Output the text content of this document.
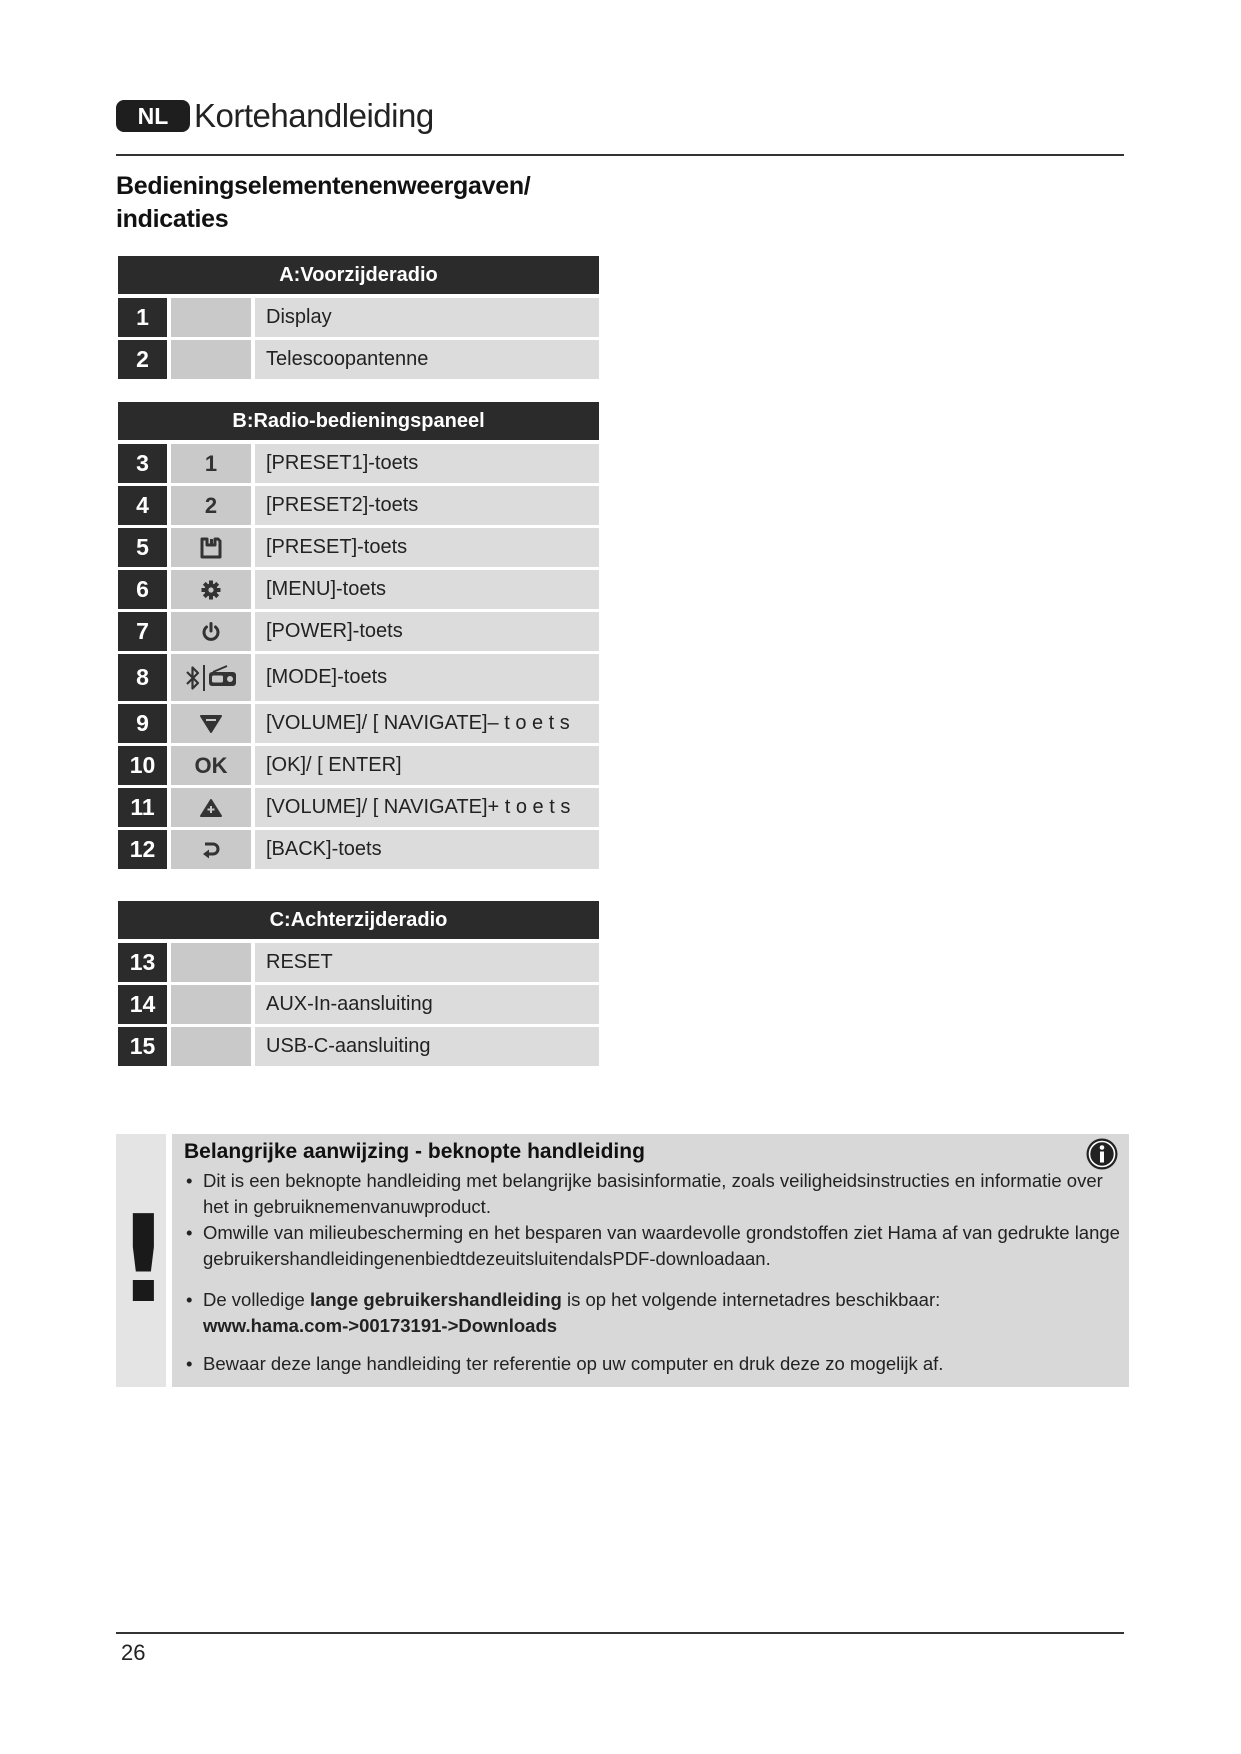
NL Kortehandleiding
Bedieningselementenenweergaven/ indicaties
A:Voorzijderadio
1	Display
2	Telescoopantenne
B:Radio-bedieningspaneel
3	1	[PRESET1]-toets
4	2	[PRESET2]-toets
5	[PRESET]-toets
6	[MENU]-toets
7	[POWER]-toets
8	[MODE]-toets
9	[VOLUME]/ [ NAVIGATE]– t o e t s
10	OK	[OK]/ [ ENTER]
11	[VOLUME]/ [ NAVIGATE]+ t o e t s
12	[BACK]-toets
C:Achterzijderadio
13	RESET
14	AUX-In-aansluiting
15	USB-C-aansluiting
!
Belangrijke aanwijzing - beknopte handleiding
• Dit is een beknopte handleiding met belangrijke basisinformatie, zoals veiligheidsinstructies en informatie over het in gebruiknemenvanuwproduct.
• Omwille van milieubescherming en het besparen van waardevolle grondstoffen ziet Hama af van gedrukte lange gebruikershandleidingenenbiedtdezeuitsluitendalsPDF-downloadaan.
• De volledige lange gebruikershandleiding is op het volgende internetadres beschikbaar:
www.hama.com->00173191->Downloads
• Bewaar deze lange handleiding ter referentie op uw computer en druk deze zo mogelijk af.
26
